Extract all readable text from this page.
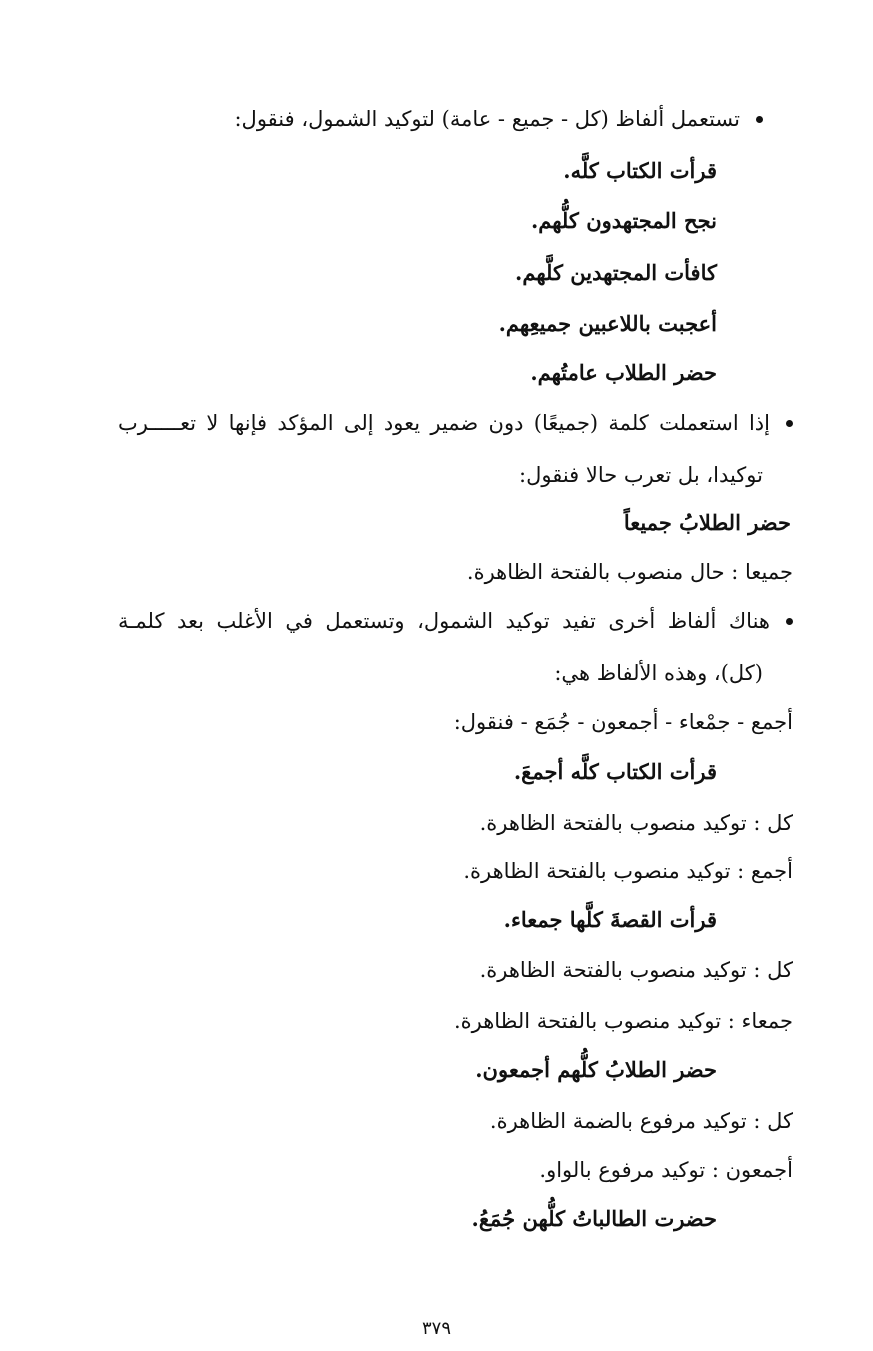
تستعمل ألفاظ (كل - جميع - عامة) لتوكيد الشمول، فنقول:
قرأت الكتاب كلَّه.
نجح المجتهدون كلُّهم.
كافأت المجتهدين كلَّهم.
أعجبت باللاعبين جميعِهم.
حضر الطلاب عامتُهم.
إذا استعملت كلمة (جميعًا) دون ضمير يعود إلى المؤكد فإنها لا تعـــــرب
توكيدا، بل تعرب حالا فنقول:
حضر الطلابُ جميعاً
جميعا : حال منصوب بالفتحة الظاهرة.
هناك ألفاظ أخرى تفيد توكيد الشمول، وتستعمل في الأغلب بعد كلمـة
(كل)، وهذه الألفاظ هي:
أجمع - جمْعاء - أجمعون - جُمَع - فنقول:
قرأت الكتاب كلَّه أجمعَ.
كل : توكيد منصوب بالفتحة الظاهرة.
أجمع : توكيد منصوب بالفتحة الظاهرة.
قرأت القصةَ كلَّها جمعاء.
كل : توكيد منصوب بالفتحة الظاهرة.
جمعاء : توكيد منصوب بالفتحة الظاهرة.
حضر الطلابُ كلُّهم أجمعون.
كل : توكيد مرفوع بالضمة الظاهرة.
أجمعون : توكيد مرفوع بالواو.
حضرت الطالباتُ كلُّهن جُمَعُ.
٣٧٩
